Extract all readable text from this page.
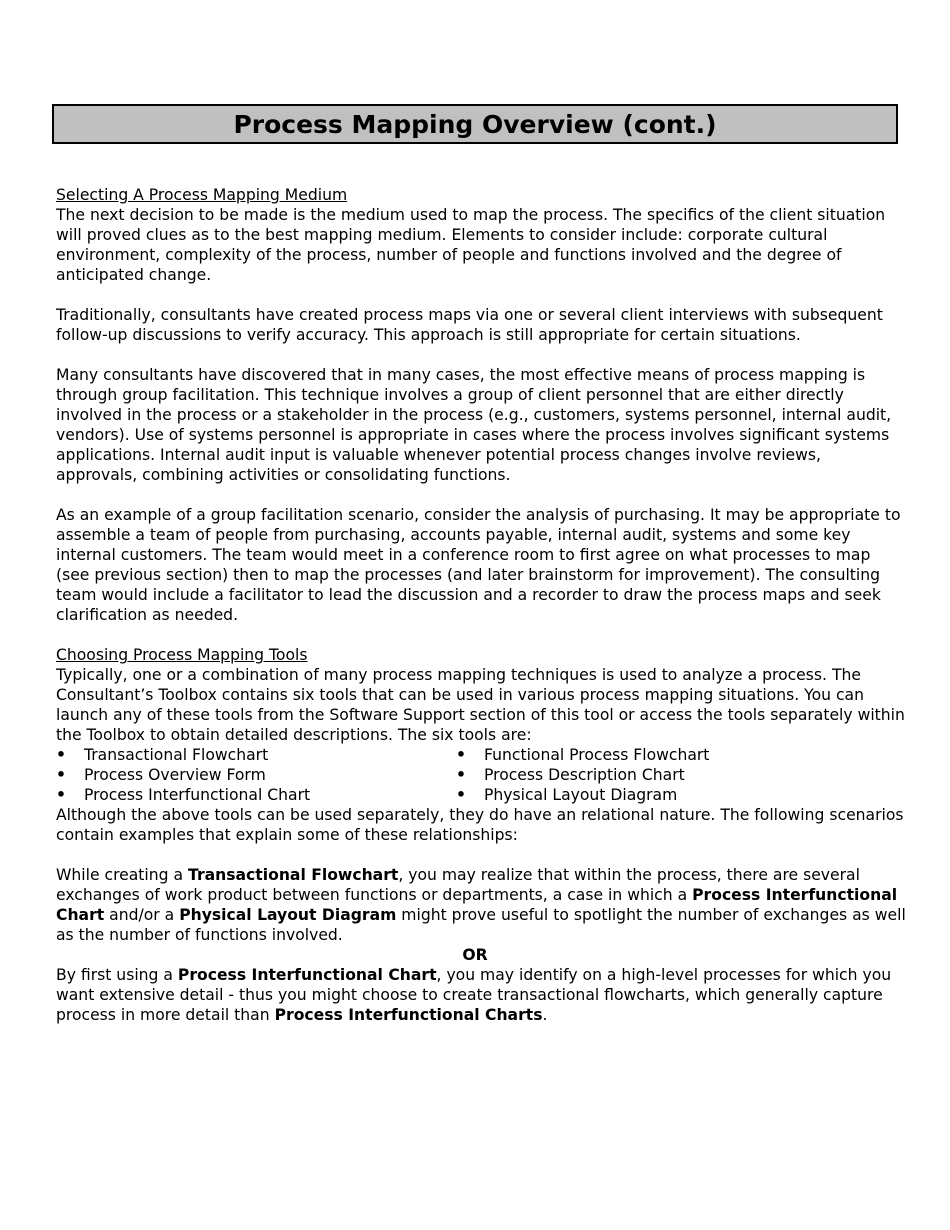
Process Mapping Overview (cont.)

Selecting A Process Mapping Medium

The next decision to be made is the medium used to map the process. The specifics of the client situation will proved clues as to the best mapping medium. Elements to consider include: corporate cultural environment, complexity of the process, number of people and functions involved and the degree of anticipated change.

Traditionally, consultants have created process maps via one or several client interviews with subsequent follow-up discussions to verify accuracy. This approach is still appropriate for certain situations.

Many consultants have discovered that in many cases, the most effective means of process mapping is through group facilitation. This technique involves a group of client personnel that are either directly involved in the process or a stakeholder in the process (e.g., customers, systems personnel, internal audit, vendors). Use of systems personnel is appropriate in cases where the process involves significant systems applications. Internal audit input is valuable whenever potential process changes involve reviews, approvals, combining activities or consolidating functions.

As an example of a group facilitation scenario, consider the analysis of purchasing. It may be appropriate to assemble a team of people from purchasing, accounts payable, internal audit, systems and some key internal customers. The team would meet in a conference room to first agree on what processes to map (see previous section) then to map the processes (and later brainstorm for improvement). The consulting team would include a facilitator to lead the discussion and a recorder to draw the process maps and seek clarification as needed.

Choosing Process Mapping Tools

Typically, one or a combination of many process mapping techniques is used to analyze a process. The Consultant’s Toolbox contains six tools that can be used in various process mapping situations. You can launch any of these tools from the Software Support section of this tool or access the tools separately within the Toolbox to obtain detailed descriptions. The six tools are:

• Transactional Flowchart	• Functional Process Flowchart
• Process Overview Form	• Process Description Chart
• Process Interfunctional Chart	• Physical Layout Diagram

Although the above tools can be used separately, they do have an relational nature. The following scenarios contain examples that explain some of these relationships:

While creating a Transactional Flowchart, you may realize that within the process, there are several exchanges of work product between functions or departments, a case in which a Process Interfunctional Chart and/or a Physical Layout Diagram might prove useful to spotlight the number of exchanges as well as the number of functions involved.

OR

By first using a Process Interfunctional Chart, you may identify on a high-level processes for which you want extensive detail - thus you might choose to create transactional flowcharts, which generally capture process in more detail than Process Interfunctional Charts.
